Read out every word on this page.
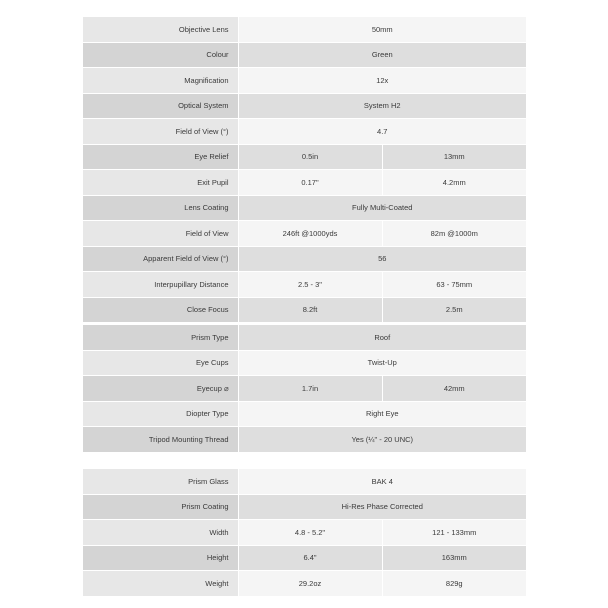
Objective Lens	50mm	
Colour	Green	
Magnification	12x	
Optical System	System H2	
Field of View (°)	4.7	
Eye Relief	0.5in	13mm
Exit Pupil	0.17"	4.2mm
Lens Coating	Fully Multi-Coated	
Field of View	246ft @1000yds	82m @1000m
Apparent Field of View (°)	56	
Interpupillary Distance	2.5 - 3"	63 - 75mm
Close Focus	8.2ft	2.5m
Prism Type	Roof	
Eye Cups	Twist-Up	
Eyecup ⌀	1.7in	42mm
Diopter Type	Right Eye	
Tripod Mounting Thread	Yes (¼" - 20 UNC)	
Prism Glass	BAK 4	
Prism Coating	Hi-Res Phase Corrected	
Width	4.8 - 5.2"	121 - 133mm
Height	6.4"	163mm
Weight	29.2oz	829g
